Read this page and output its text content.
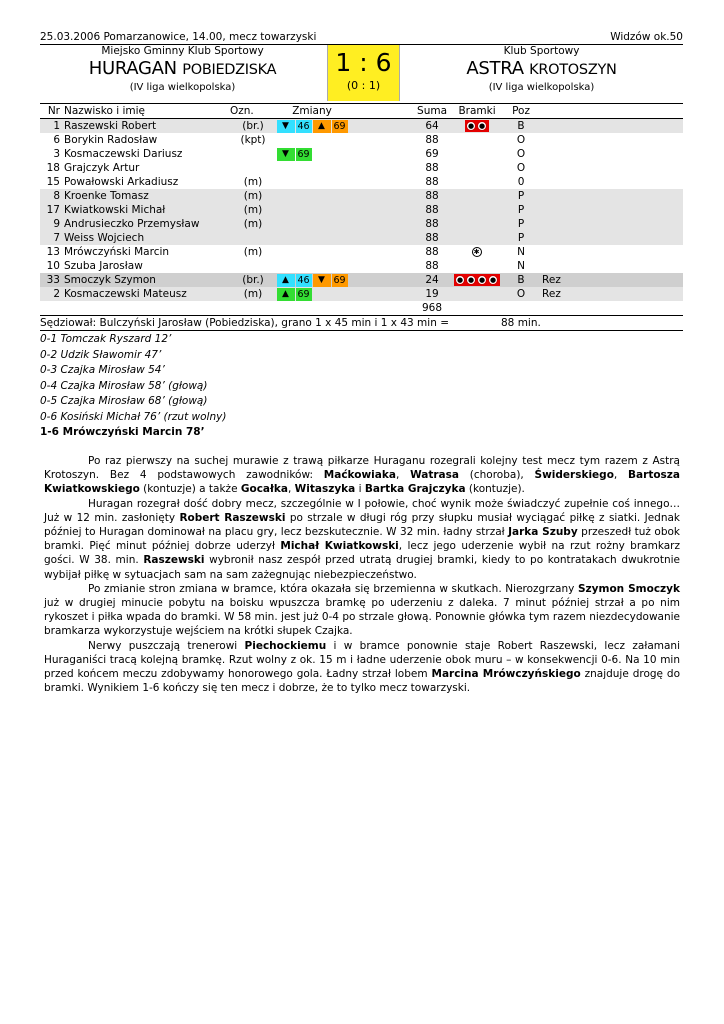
25.03.2006 Pomarzanowice, 14.00, mecz towarzyski	Widzów ok.50
Miejsko Gminny Klub Sportowy
HURAGAN POBIEDZISKA
(IV liga wielkopolska)
1 : 6
(0 : 1)
Klub Sportowy
ASTRA KROTOSZYN
(IV liga wielkopolska)
Nr	Nazwisko i imię	Ozn.	Zmiany					Suma	Bramki	Poz	
1	Raszewski Robert	(br.)	▼	46	▲	69		64	● ●	B	
6	Borykin Radosław	(kpt)						88		O	
3	Kosmaczewski Dariusz		▼	69				69		O	
18	Grajczyk Artur							88		O	
15	Powałowski Arkadiusz	(m)						88		0	
8	Kroenke Tomasz	(m)						88		P	
17	Kwiatkowski Michał	(m)						88		P	
9	Andrusieczko Przemysław	(m)						88		P	
7	Weiss Wojciech							88		P	
13	Mrówczyński Marcin	(m)						88	✱	N	
10	Szuba Jarosław							88		N	
33	Smoczyk Szymon	(br.)	▲	46	▼	69		24	● ● ● ●	B	Rez
2	Kosmaczewski Mateusz	(m)	▲	69				19		O	Rez
								968			
Sędziował: Bulczyński Jarosław (Pobiedziska), grano 1 x 45 min i 1 x 43 min =	88 min.
0-1 Tomczak Ryszard 12’
0-2 Udzik Sławomir 47’
0-3 Czajka Mirosław 54’
0-4 Czajka Mirosław 58’ (głową)
0-5 Czajka Mirosław 68’ (głową)
0-6 Kosiński Michał 76’ (rzut wolny)
1-6 Mrówczyński Marcin 78’

Po raz pierwszy na suchej murawie z trawą piłkarze Huraganu rozegrali kolejny test mecz tym razem z Astrą Krotoszyn. Bez 4 podstawowych zawodników: Maćkowiaka, Watrasa (choroba), Świderskiego, Bartosza Kwiatkowskiego (kontuzje) a także Gocałka, Witaszyka i Bartka Grajczyka (kontuzje).

Huragan rozegrał dość dobry mecz, szczególnie w I połowie, choć wynik może świadczyć zupełnie coś innego… Już w 12 min. zasłonięty Robert Raszewski po strzale w długi róg przy słupku musiał wyciągać piłkę z siatki. Jednak później to Huragan dominował na placu gry, lecz bezskutecznie. W 32 min. ładny strzał Jarka Szuby przeszedł tuż obok bramki. Pięć minut później dobrze uderzył Michał Kwiatkowski, lecz jego uderzenie wybił na rzut rożny bramkarz gości. W 38. min. Raszewski wybronił nasz zespół przed utratą drugiej bramki, kiedy to po kontratakach dwukrotnie wybijał piłkę w sytuacjach sam na sam zażegnując niebezpieczeństwo.

Po zmianie stron zmiana w bramce, która okazała się brzemienna w skutkach. Nierozgrzany Szymon Smoczyk już w drugiej minucie pobytu na boisku wpuszcza bramkę po uderzeniu z daleka. 7 minut później strzał a po nim rykoszet i piłka wpada do bramki. W 58 min. jest już 0-4 po strzale głową. Ponownie główka tym razem niezdecydowanie bramkarza wykorzystuje wejściem na krótki słupek Czajka.

Nerwy puszczają trenerowi Piechockiemu i w bramce ponownie staje Robert Raszewski, lecz załamani Huraganiści tracą kolejną bramkę. Rzut wolny z ok. 15 m i ładne uderzenie obok muru – w konsekwencji 0-6. Na 10 min przed końcem meczu zdobywamy honorowego gola. Ładny strzał lobem Marcina Mrówczyńskiego znajduje drogę do bramki. Wynikiem 1-6 kończy się ten mecz i dobrze, że to tylko mecz towarzyski.
